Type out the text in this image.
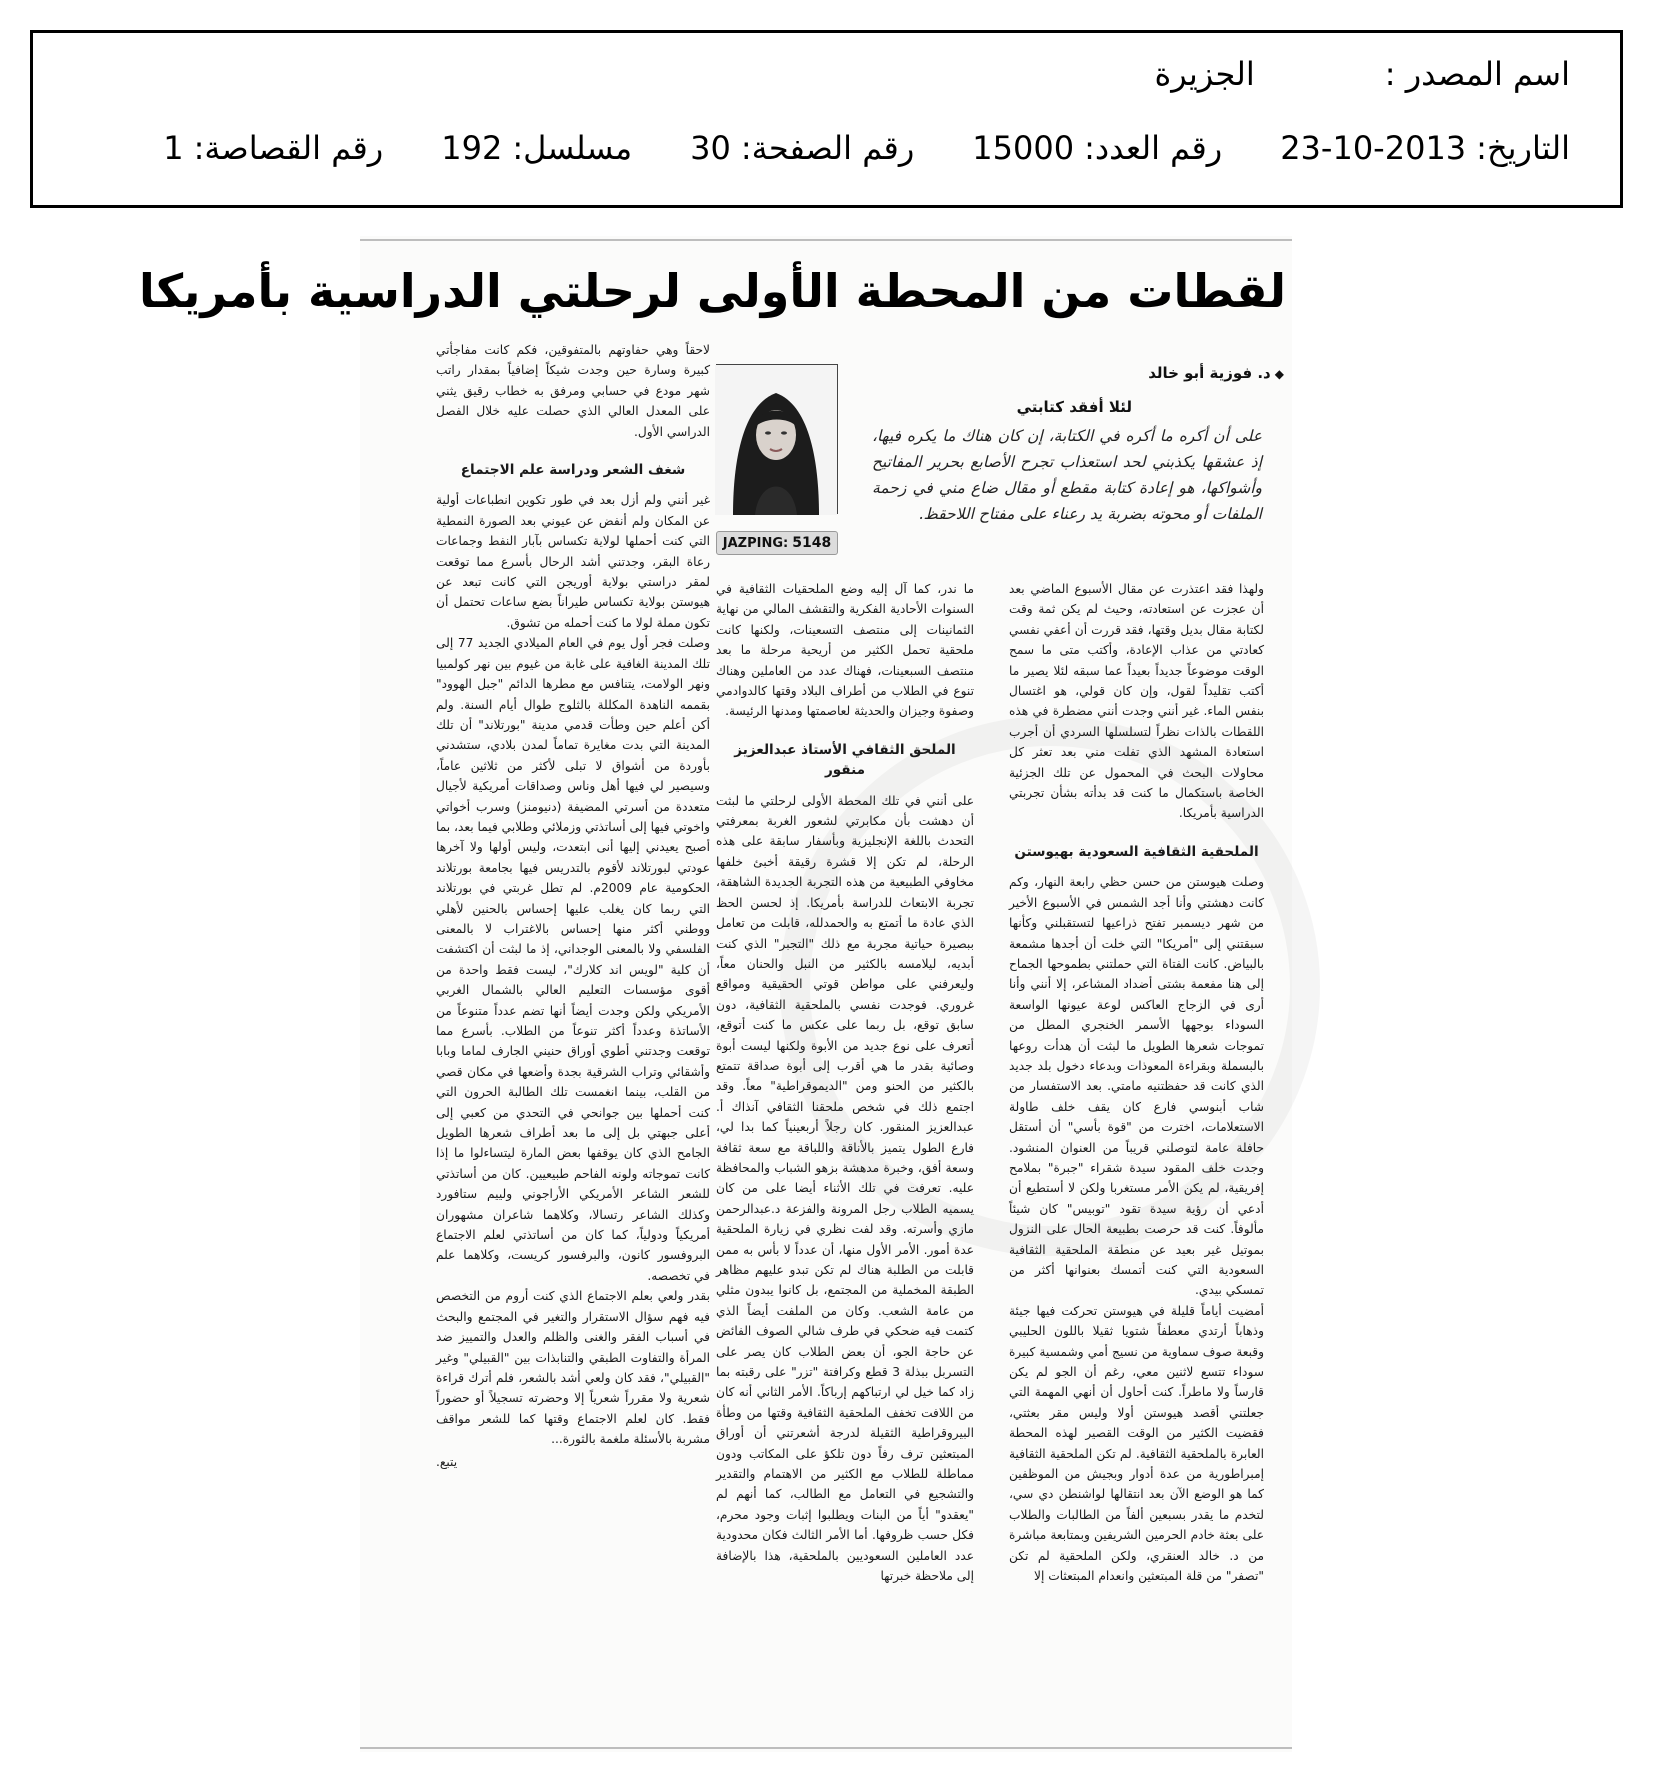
اسم المصدر :الجزيرة
التاريخ:2013-10-23رقم العدد:15000رقم الصفحة:30مسلسل:192رقم القصاصة:1
لقطات من المحطة الأولى لرحلتي الدراسية بأمريكا
◆د. فوزية أبو خالد
لئلا أفقد كتابتي
على أن أكره ما أكره في الكتابة، إن كان هناك ما يكره فيها، إذ عشقها يكذبني لحد استعذاب تجرح الأصابع بحرير المفاتيح وأشواكها، هو إعادة كتابة مقطع أو مقال ضاع مني في زحمة الملفات أو محوته بضربة يد رعناء على مفتاح اللاحقظ.
JAZPING: 5148

ولهذا فقد اعتذرت عن مقال الأسبوع الماضي بعد أن عجزت عن استعادته، وحيث لم يكن ثمة وقت لكتابة مقال بديل وقتها، فقد قررت أن أعفي نفسي كعادتي من عذاب الإعادة، وأكتب متى ما سمح الوقت موضوعاً جديداً بعيداً عما سبقه لئلا يصير ما أكتب تقليداً لقول، وإن كان قولي، هو اغتسال بنفس الماء. غير أنني وجدت أنني مضطرة في هذه اللقطات بالذات نظراً لتسلسلها السردي أن أجرب استعادة المشهد الذي تفلت مني بعد تعثر كل محاولات البحث في المحمول عن تلك الجزئية الخاصة باستكمال ما كنت قد بدأته بشأن تجربتي الدراسية بأمريكا.

الملحقية الثقافية السعودية بهيوستن

وصلت هيوستن من حسن حظي رابعة النهار، وكم كانت دهشتي وأنا أجد الشمس في الأسبوع الأخير من شهر ديسمبر تفتح ذراعيها لتستقبلني وكأنها سبقتني إلى "أمريكا" التي خلت أن أجدها مشمعة بالبياض. كانت الفتاة التي حملتني بطموحها الجماح إلى هنا مفعمة بشتى أضداد المشاعر، إلا أنني وأنا أرى في الزجاج العاكس لوعة عيونها الواسعة السوداء بوجهها الأسمر الخنجري المطل من تموجات شعرها الطويل ما لبثت أن هدأت روعها بالبسملة وبقراءة المعوذات وبدعاء دخول بلد جديد الذي كانت قد حفظتنيه مامتي. بعد الاستفسار من شاب أبنوسي فارع كان يقف خلف طاولة الاستعلامات، اخترت من "قوة بأسي" أن أستقل حافلة عامة لتوصلني قريباً من العنوان المنشود. وجدت خلف المقود سيدة شقراء "جبرة" بملامح إفريقية، لم يكن الأمر مستغربا ولكن لا أستطيع أن أدعي أن رؤية سيدة تقود "توبيس" كان شيئاً مألوفاً. كنت قد حرصت بطبيعة الحال على النزول بموتيل غير بعيد عن منطقة الملحقية الثقافية السعودية التي كنت أتمسك بعنوانها أكثر من تمسكي بيدي.

أمضيت أياماً قليلة في هيوستن تحركت فيها جيئة وذهاباً أرتدي معطفاً شتويا ثقيلا باللون الحليبي وقبعة صوف سماوية من نسيج أمي وشمسية كبيرة سوداء تتسع لاثنين معي، رغم أن الجو لم يكن قارساً ولا ماطراً. كنت أحاول أن أنهي المهمة التي جعلتني أقصد هيوستن أولا وليس مقر بعثتي، فقضيت الكثير من الوقت القصير لهذه المحطة العابرة بالملحقية الثقافية. لم تكن الملحقية الثقافية إمبراطورية من عدة أدوار وبجيش من الموظفين كما هو الوضع الآن بعد انتقالها لواشنطن دي سي، لتخدم ما يقدر بسبعين ألفاً من الطالبات والطلاب على بعثة خادم الحرمين الشريفين وبمتابعة مباشرة من د. خالد العنقري، ولكن الملحقية لم تكن "تصفر" من قلة المبتعثين وانعدام المبتعثات إلا

ما ندر، كما آل إليه وضع الملحقيات الثقافية في السنوات الأحادية الفكرية والتقشف المالي من نهاية الثمانينات إلى منتصف التسعينات، ولكنها كانت ملحقية تحمل الكثير من أريحية مرحلة ما بعد منتصف السبعينات، فهناك عدد من العاملين وهناك تنوع في الطلاب من أطراف البلاد وقتها كالدوادمي وصفوة وجيزان والحديثة لعاصمتها ومدنها الرئيسة.

الملحق الثقافي الأستاذ عبدالعزيز منقور

على أنني في تلك المحطة الأولى لرحلتي ما لبثت أن دهشت بأن مكابرتي لشعور الغربة بمعرفتي التحدث باللغة الإنجليزية وبأسفار سابقة على هذه الرحلة، لم تكن إلا قشرة رقيقة أخبئ خلفها مخاوفي الطبيعية من هذه التجربة الجديدة الشاهقة، تجربة الابتعاث للدراسة بأمريكا. إذ لحسن الحظ الذي عادة ما أتمتع به والحمدلله، قابلت من تعامل ببصيرة حياتية مجربة مع ذلك "التجبر" الذي كنت أبديه، ليلامسه بالكثير من النبل والحنان معاً، وليعرفني على مواطن قوتي الحقيقية ومواقع غروري. فوجدت نفسي بالملحقية الثقافية، دون سابق توقع، بل ربما على عكس ما كنت أتوقع، أتعرف على نوع جديد من الأبوة ولكنها ليست أبوة وصائية بقدر ما هي أقرب إلى أبوة صداقة تتمتع بالكثير من الحنو ومن "الديموقراطية" معاً. وقد اجتمع ذلك في شخص ملحقنا الثقافي آنذاك أ. عبدالعزيز المنقور. كان رجلاً أربعينياً كما بدا لي، فارع الطول يتميز بالأناقة واللباقة مع سعة ثقافة وسعة أفق، وخبرة مدهشة بزهو الشباب والمحافظة عليه. تعرفت في تلك الأثناء أيضا على من كان يسميه الطلاب رجل المرونة والفزعة د.عبدالرحمن مازي وأسرته. وقد لفت نظري في زيارة الملحقية عدة أمور. الأمر الأول منها، أن عدداً لا بأس به ممن قابلت من الطلبة هناك لم تكن تبدو عليهم مظاهر الطبقة المخملية من المجتمع، بل كانوا يبدون مثلي من عامة الشعب. وكان من الملفت أيضاً الذي كتمت فيه ضحكي في طرف شالي الصوف الفائض عن حاجة الجو، أن بعض الطلاب كان يصر على التسربل ببذلة 3 قطع وكرافتة "تزر" على رقبته بما زاد كما خيل لي ارتباكهم إرباكاً. الأمر الثاني أنه كان من اللافت تخفف الملحقية الثقافية وقتها من وطأة البيروقراطية الثقيلة لدرجة أشعرتني أن أوراق المبتعثين ترف رفاً دون تلكؤ على المكاتب ودون مماطلة للطلاب مع الكثير من الاهتمام والتقدير والتشجيع في التعامل مع الطالب، كما أنهم لم "يعقدو" أياً من البنات ويطلبوا إثبات وجود محرم، فكل حسب ظروفها. أما الأمر الثالث فكان محدودية عدد العاملين السعوديين بالملحقية، هذا بالإضافة إلى ملاحظة خبرتها

لاحقاً وهي حفاوتهم بالمتفوقين، فكم كانت مفاجأتي كبيرة وسارة حين وجدت شيكاً إضافياً بمقدار راتب شهر مودع في حسابي ومرفق به خطاب رقيق يثني على المعدل العالي الذي حصلت عليه خلال الفصل الدراسي الأول.

شغف الشعر ودراسة علم الاجتماع

غير أنني ولم أزل بعد في طور تكوين انطباعات أولية عن المكان ولم أنفض عن عيوني بعد الصورة النمطية التي كنت أحملها لولاية تكساس بآبار النفط وجماعات رعاة البقر، وجدتني أشد الرحال بأسرع مما توقعت لمقر دراستي بولاية أوريجن التي كانت تبعد عن هيوستن بولاية تكساس طيراناً بضع ساعات تحتمل أن تكون مملة لولا ما كنت أحمله من تشوق.

وصلت فجر أول يوم في العام الميلادي الجديد 77 إلى تلك المدينة الغافية على غابة من غيوم بين نهر كولمبيا ونهر الولامت، يتنافس مع مطرها الدائم "جبل الهوود" بقممه الناهدة المكللة بالثلوج طوال أيام السنة. ولم أكن أعلم حين وطأت قدمي مدينة "بورتلاند" أن تلك المدينة التي بدت مغايرة تماماً لمدن بلادي، ستشدني بأوردة من أشواق لا تبلى لأكثر من ثلاثين عاماً، وسيصير لي فيها أهل وناس وصداقات أمريكية لأجيال متعددة من أسرتي المضيفة (دنيومنز) وسرب أخواتي واخوتي فيها إلى أساتذتي وزملائي وطلابي فيما بعد، بما أصبح يعيدني إليها أنى ابتعدت، وليس أولها ولا آخرها عودتي لبورتلاند لأقوم بالتدريس فيها بجامعة بورتلاند الحكومية عام 2009م. لم تطل غربتي في بورتلاند التي ربما كان يغلب عليها إحساس بالحنين لأهلي ووطني أكثر منها إحساس بالاغتراب لا بالمعنى الفلسفي ولا بالمعنى الوجداني، إذ ما لبثت أن اكتشفت أن كلية "لويس اند كلارك"، ليست فقط واحدة من أقوى مؤسسات التعليم العالي بالشمال الغربي الأمريكي ولكن وجدت أيضاً أنها تضم عدداً متنوعاً من الأساتذة وعدداً أكثر تنوعاً من الطلاب. بأسرع مما توقعت وجدتني أطوي أوراق حنيني الجارف لماما وبابا وأشقائي وتراب الشرقية بجدة وأضعها في مكان قصي من القلب، بينما انغمست تلك الطالبة الحرون التي كنت أحملها بين جوانحي في التحدي من كعبي إلى أعلى جبهتي بل إلى ما بعد أطراف شعرها الطويل الجامح الذي كان يوقفها بعض المارة ليتساءلوا ما إذا كانت تموجاته ولونه الفاحم طبيعيين. كان من أساتذتي للشعر الشاعر الأمريكي الأراجوني ولييم ستافورد وكذلك الشاعر رتسالا، وكلاهما شاعران مشهوران أمريكياً ودولياً، كما كان من أساتذتي لعلم الاجتماع البروفسور كانون، والبرفسور كريست، وكلاهما علم في تخصصه.

بقدر ولعي بعلم الاجتماع الذي كنت أروم من التخصص فيه فهم سؤال الاستقرار والتغير في المجتمع والبحث في أسباب الفقر والغنى والظلم والعدل والتمييز ضد المرأة والتفاوت الطبقي والتنابذات بين "القبيلي" وغير "القبيلي"، فقد كان ولعي أشد بالشعر، فلم أترك قراءة شعرية ولا مقرراً شعرياً إلا وحضرته تسجيلاً أو حضوراً فقط. كان لعلم الاجتماع وقتها كما للشعر مواقف مشربة بالأسئلة ملغمة بالثورة...

يتبع.
